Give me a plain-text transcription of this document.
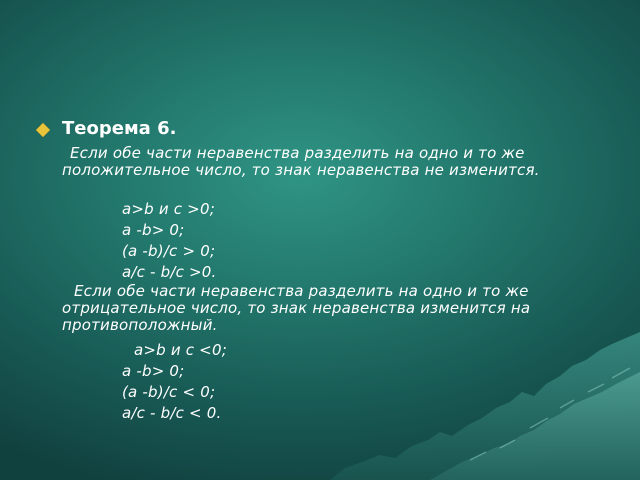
Теорема 6.
Если обе части неравенства разделить на одно и то же положительное число, то знак неравенства не изменится.
a>b и c >0;
a -b> 0;
(a -b)/c > 0;
a/c - b/c >0.
Если обе части неравенства разделить на одно и то же отрицательное число, то знак неравенства изменится на противоположный.
a>b и c <0;
a -b> 0;
(a -b)/c < 0;
a/c - b/c < 0.
